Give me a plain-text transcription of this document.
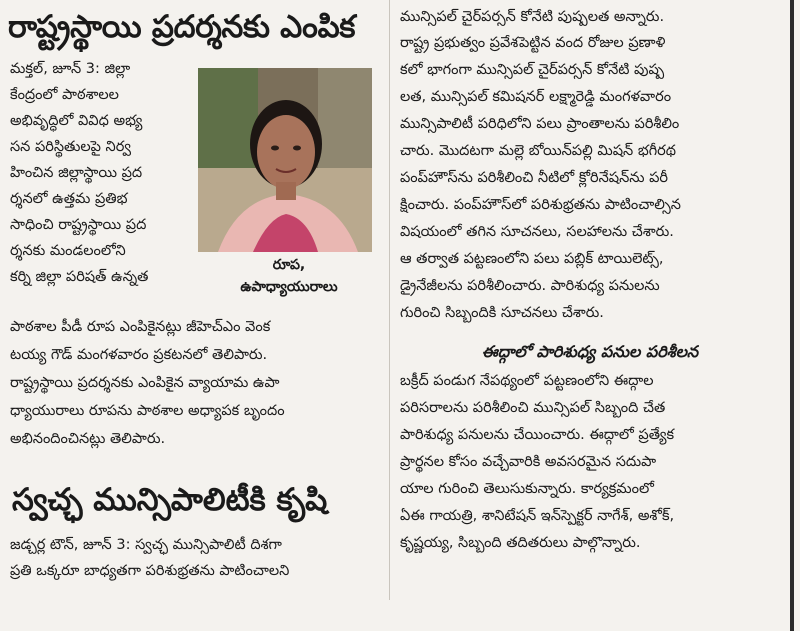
రాష్ట్రస్థాయి ప్రదర్శనకు ఎంపిక
రూప,
ఉపాధ్యాయురాలు
మక్తల్, జూన్ 3: జిల్లా
కేంద్రంలో పాఠశాలల
అభివృద్ధిలో వివిధ అభ్య
సన పరిస్థితులపై నిర్వ
హించిన జిల్లాస్థాయి ప్రద
ర్శనలో ఉత్తమ ప్రతిభ
సాధించి రాష్ట్రస్థాయి ప్రద
ర్శనకు మండలంలోని
కర్ని జిల్లా పరిషత్ ఉన్నత
పాఠశాల పీడీ రూప ఎంపికైనట్లు జీహెచ్‌ఎం వెంక
టయ్య గౌడ్ మంగళవారం ప్రకటనలో తెలిపారు.
రాష్ట్రస్థాయి ప్రదర్శనకు ఎంపికైన వ్యాయామ ఉపా
ధ్యాయురాలు రూపను పాఠశాల అధ్యాపక బృందం
అభినందించినట్లు తెలిపారు.
స్వచ్ఛ మున్సిపాలిటీకి కృషి
జడ్చర్ల టౌన్, జూన్ 3: స్వచ్ఛ మున్సిపాలిటీ దిశగా
ప్రతి ఒక్కరూ బాధ్యతగా పరిశుభ్రతను పాటించాలని
మున్సిపల్ చైర్‌పర్సన్ కోనేటి పుష్పలత అన్నారు.
రాష్ట్ర ప్రభుత్వం ప్రవేశపెట్టిన వంద రోజుల ప్రణాళి
కలో భాగంగా మున్సిపల్ చైర్‌పర్సన్ కోనేటి పుష్ప
లత, మున్సిపల్ కమిషనర్ లక్ష్మారెడ్డి మంగళవారం
మున్సిపాలిటీ పరిధిలోని పలు ప్రాంతాలను పరిశీలిం
చారు. మొదటగా మల్లె బోయిన్‌పల్లి మిషన్ భగీరథ
పంప్‌హౌస్‌ను పరిశీలించి నీటిలో క్లోరినేషన్‌ను పరీ
క్షించారు. పంప్‌హౌస్‌లో పరిశుభ్రతను పాటించాల్సిన
విషయంలో తగిన సూచనలు, సలహాలను చేశారు.
ఆ తర్వాత పట్టణంలోని పలు పబ్లిక్ టాయిలెట్స్,
డ్రైనేజీలను పరిశీలించారు. పారిశుధ్య పనులను
గురించి సిబ్బందికి సూచనలు చేశారు.
ఈద్గాలో పారిశుధ్య పనుల పరిశీలన
బక్రీద్ పండుగ నేపథ్యంలో పట్టణంలోని ఈద్గాల
పరిసరాలను పరిశీలించి మున్సిపల్ సిబ్బంది చేత
పారిశుధ్య పనులను చేయించారు. ఈద్గాలో ప్రత్యేక
ప్రార్థనల కోసం వచ్చేవారికి అవసరమైన సదుపా
యాల గురించి తెలుసుకున్నారు. కార్యక్రమంలో
ఏఈ గాయత్రి, శానిటేషన్ ఇన్‌స్పెక్టర్ నాగేశ్, అశోక్,
కృష్ణయ్య, సిబ్బంది తదితరులు పాల్గొన్నారు.
